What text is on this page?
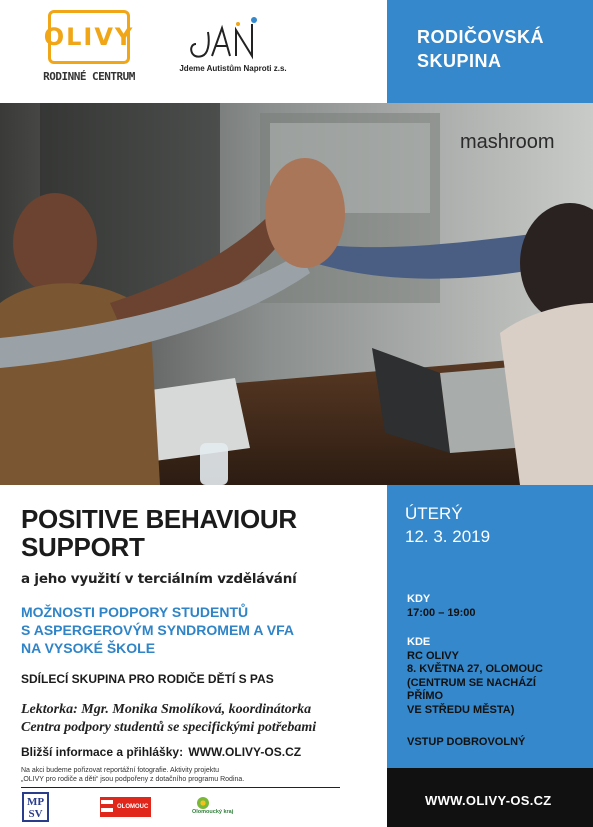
OLIVY
RODINNÉ CENTRUM
Jdeme Autistům Naproti z.s.
RODIČOVSKÁ SKUPINA
mashroom
POSITIVE BEHAVIOUR
SUPPORT
a jeho využití v terciálním vzdělávání
MOŽNOSTI PODPORY STUDENTŮ
S ASPERGEROVÝM SYNDROMEM A VFA
NA VYSOKÉ ŠKOLE
SDÍLECÍ SKUPINA PRO RODIČE DĚTÍ S PAS
Lektorka: Mgr. Monika Smolíková, koordinátorka
Centra podpory studentů se specifickými potřebami
Bližší informace a přihlášky: WWW.OLIVY-OS.CZ
Na akci budeme pořizovat reportážní fotografie. Aktivity projektu
„OLIVY pro rodiče a děti“ jsou podpořeny z dotačního programu Rodina.
MP
SV
OLOMOUC
Olomoucký kraj
ÚTERÝ
12. 3. 2019
KDY
17:00 – 19:00
KDE
RC OLIVY
8. KVĚTNA 27, OLOMOUC
(CENTRUM SE NACHÁZÍ
PŘÍMO
VE STŘEDU MĚSTA)
VSTUP DOBROVOLNÝ
WWW.OLIVY-OS.CZ
